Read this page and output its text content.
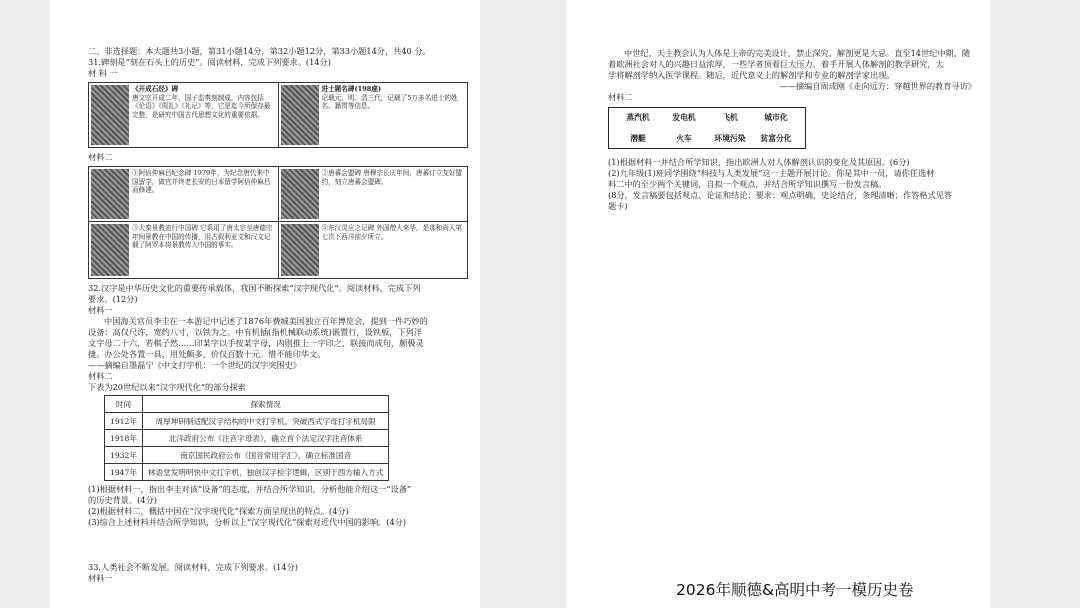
二、非选择题：本大题共3小题，第31小题14分，第32小题12分，第33小题14分，共40 分。

31.碑刻是“刻在石头上的历史”。阅读材料，完成下列要求。(14分)

材 料 一

《开成石经》碑
唐文宗开成二年，国子监奏刻制成，内容包括《论语》《周礼》《礼记》等，它是迄今所保存最完整，是研究中国古代思想文化的重要依据。
进士题名碑(198座)
记载元、明、清三代，记载了5万多名进士的姓名、籍贯等信息。

材料二

①阿倍仲麻吕纪念碑 1979年，为纪念唐代来中国留学，做官并终老长安的日本留学阿倍仲麻吕而修建。
②唐蕃会盟碑 唐穆宗长庆年间，唐蕃订立友好盟约，刻立唐蕃会盟碑。
③大秦景教流行中国碑 它系用了唐太宗至唐德宗年间景教在中国的传播，用古叙利亚文和汉文记载了阿罗本将景教传入中国的事实。
④东汉灵应之记碑 外国僧人来华，是那和尚人第七次下西洋前夕所立。

32.汉字是中华历史文化的重要传承载体，我国不断探索“汉字现代化”。阅读材料，完成下列

要求。(12分)

材料一

中国海关官员李圭在一本游记中记述了1876年费城美国独立百年博览会，提到一件巧妙的

设备：高仅尺许，宽约八寸，以铁为之。中有机插(指机械联动系统)嵌置行，设铁板，下列洋

文字母二十六，若棋子然……印某字以手按某字母，内则推上一字印之，联接而成句，颇极灵

捷。办公处各置一具，用处颇多，价仅百数十元。惜不能印华文。

——摘编自墨磊宁《中文打字机：一个世纪的汉字突围史》

材料二

下表为20世纪以来“汉字现代化”的部分探索

时间	探索情况
1912年	周厚坤研制适配汉字结构的中文打字机，突破西式字母打字机局限
1918年	北洋政府公布《注音字母表》，确立首个法定汉字注音体系
1932年	南京国民政府公布《国音常用字汇》，确立标准国音
1947年	林语堂发明明快中文打字机，独创汉字检字逻辑，区别于西方输入方式

(1)根据材料一，指出李圭对该“设备”的态度，并结合所学知识，分析他能介绍这一“设备”

的历史背景。(4分)

(2)根据材料二，概括中国在“汉字现代化”探索方面呈现出的特点。(4分)

(3)综合上述材料并结合所学知识，分析以上“汉字现代化”探索对近代中国的影响。(4分)

33.人类社会不断发展。阅读材料，完成下列要求。(14分)

材料一

中世纪，天主教会认为人体是上帝的完美设计，禁止深究，解剖更是大忌。直至14世纪中期，随

着欧洲社会对人的兴趣日益浓厚，一些学者顶着巨大压力，着手开展人体解剖的教学研究，大

学将解剖学纳入医学课程。随后，近代意义上的解剖学和专业的解剖学家出现。

——摘编自周成刚《走向远方：穿越世界的教育寻访》

材料二

蒸汽机	发电机	飞机	城市化
潜艇	火车	环境污染	贫富分化

(1)根据材料一并结合所学知识，指出欧洲人对人体解剖认识的变化及其原因。(6分)

(2)九年级(1)班同学围绕“科技与人类发展”这一主题开展讨论。你是其中一员，请你任选材

料二中的至少两个关键词，自拟一个观点，并结合所学知识撰写一份发言稿。

(8分，发言稿要包括观点、论证和结论；要求：观点明确，史论结合，条理清晰；作答格式见答

题卡)

2026年顺德&高明中考一模历史卷
